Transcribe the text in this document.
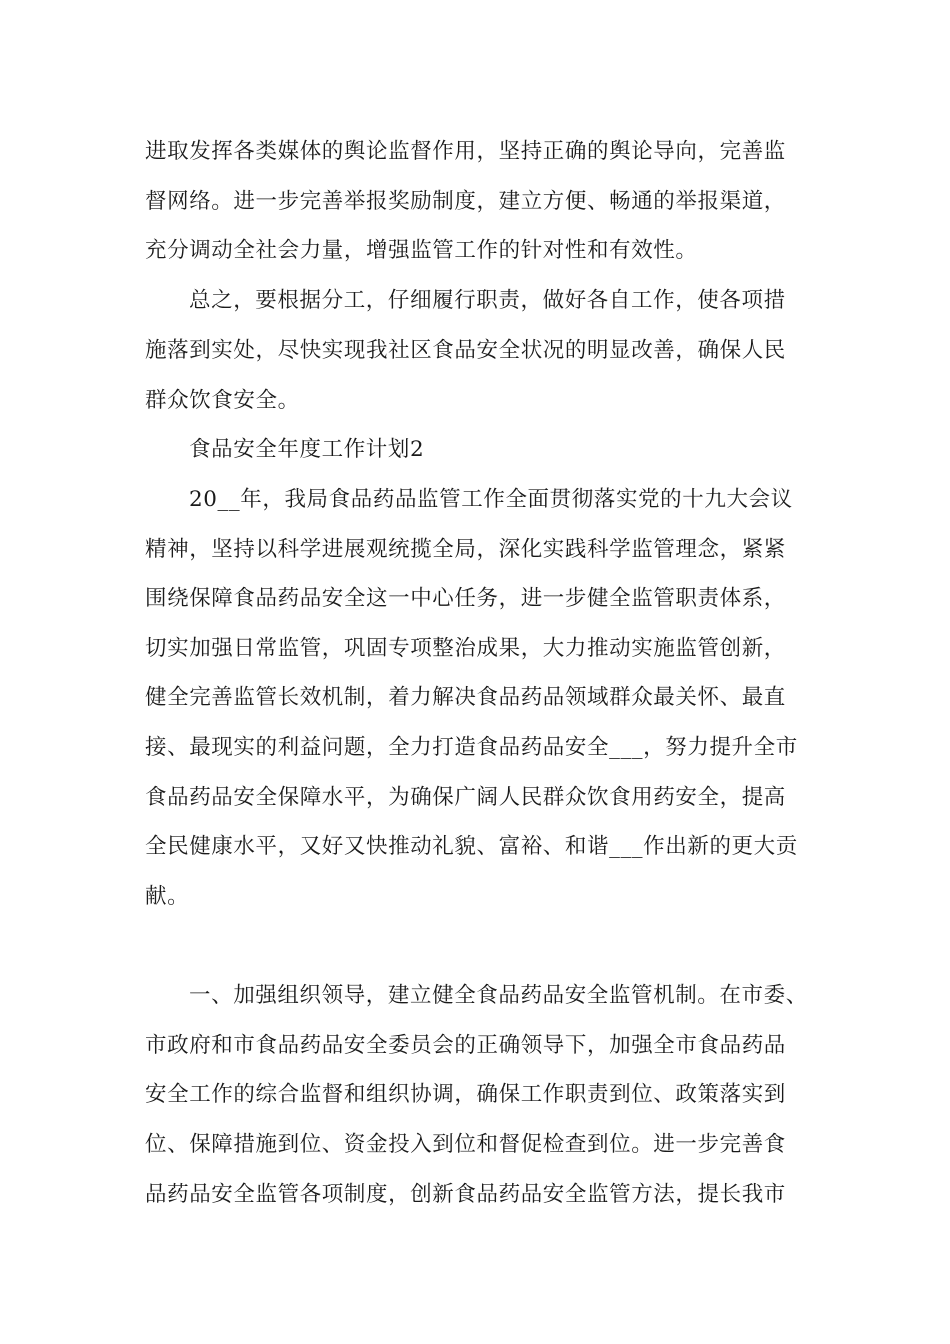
进取发挥各类媒体的舆论监督作用，坚持正确的舆论导向，完善监
督网络。进一步完善举报奖励制度，建立方便、畅通的举报渠道，
充分调动全社会力量，增强监管工作的针对性和有效性。
总之，要根据分工，仔细履行职责，做好各自工作，使各项措
施落到实处，尽快实现我社区食品安全状况的明显改善，确保人民
群众饮食安全。
食品安全年度工作计划2
20__年，我局食品药品监管工作全面贯彻落实党的十九大会议
精神，坚持以科学进展观统揽全局，深化实践科学监管理念，紧紧
围绕保障食品药品安全这一中心任务，进一步健全监管职责体系，
切实加强日常监管，巩固专项整治成果，大力推动实施监管创新，
健全完善监管长效机制，着力解决食品药品领域群众最关怀、最直
接、最现实的利益问题，全力打造食品药品安全___，努力提升全市
食品药品安全保障水平，为确保广阔人民群众饮食用药安全，提高
全民健康水平，又好又快推动礼貌、富裕、和谐___作出新的更大贡
献。
一、加强组织领导，建立健全食品药品安全监管机制。在市委、
市政府和市食品药品安全委员会的正确领导下，加强全市食品药品
安全工作的综合监督和组织协调，确保工作职责到位、政策落实到
位、保障措施到位、资金投入到位和督促检查到位。进一步完善食
品药品安全监管各项制度，创新食品药品安全监管方法，提长我市
